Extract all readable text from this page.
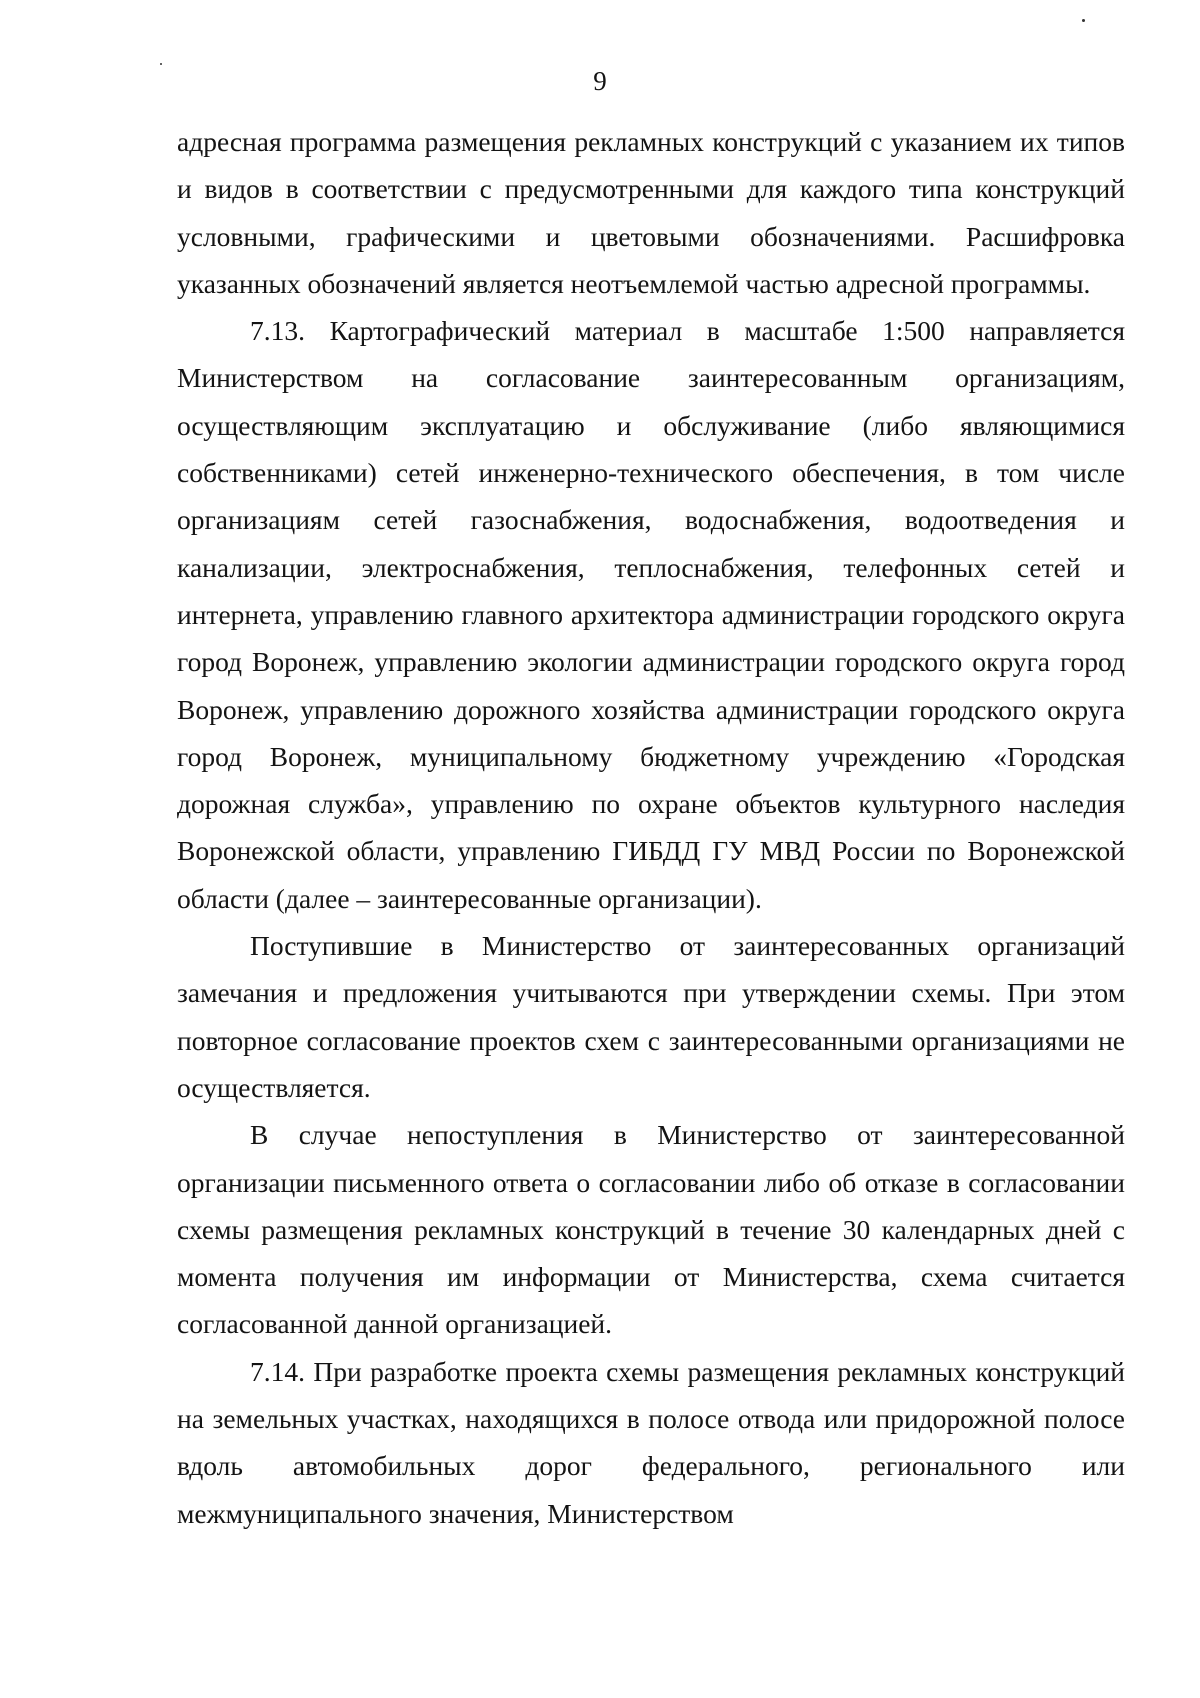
9

адресная программа размещения рекламных конструкций с указанием их типов и видов в соответствии с предусмотренными для каждого типа конструкций условными, графическими и цветовыми обозначениями. Расшифровка указанных обозначений является неотъемлемой частью адресной программы.

7.13. Картографический материал в масштабе 1:500 направляется Министерством на согласование заинтересованным организациям, осуществляющим эксплуатацию и обслуживание (либо являющимися собственниками) сетей инженерно-технического обеспечения, в том числе организациям сетей газоснабжения, водоснабжения, водоотведения и канализации, электроснабжения, теплоснабжения, телефонных сетей и интернета, управлению главного архитектора администрации городского округа город Воронеж, управлению экологии администрации городского округа город Воронеж, управлению дорожного хозяйства администрации городского округа город Воронеж, муниципальному бюджетному учреждению «Городская дорожная служба», управлению по охране объектов культурного наследия Воронежской области, управлению ГИБДД ГУ МВД России по Воронежской области (далее – заинтересованные организации).

Поступившие в Министерство от заинтересованных организаций замечания и предложения учитываются при утверждении схемы. При этом повторное согласование проектов схем с заинтересованными организациями не осуществляется.

В случае непоступления в Министерство от заинтересованной организации письменного ответа о согласовании либо об отказе в согласовании схемы размещения рекламных конструкций в течение 30 календарных дней с момента получения им информации от Министерства, схема считается согласованной данной организацией.

7.14. При разработке проекта схемы размещения рекламных конструкций на земельных участках, находящихся в полосе отвода или придорожной полосе вдоль автомобильных дорог федерального, регионального или межмуниципального значения, Министерством
